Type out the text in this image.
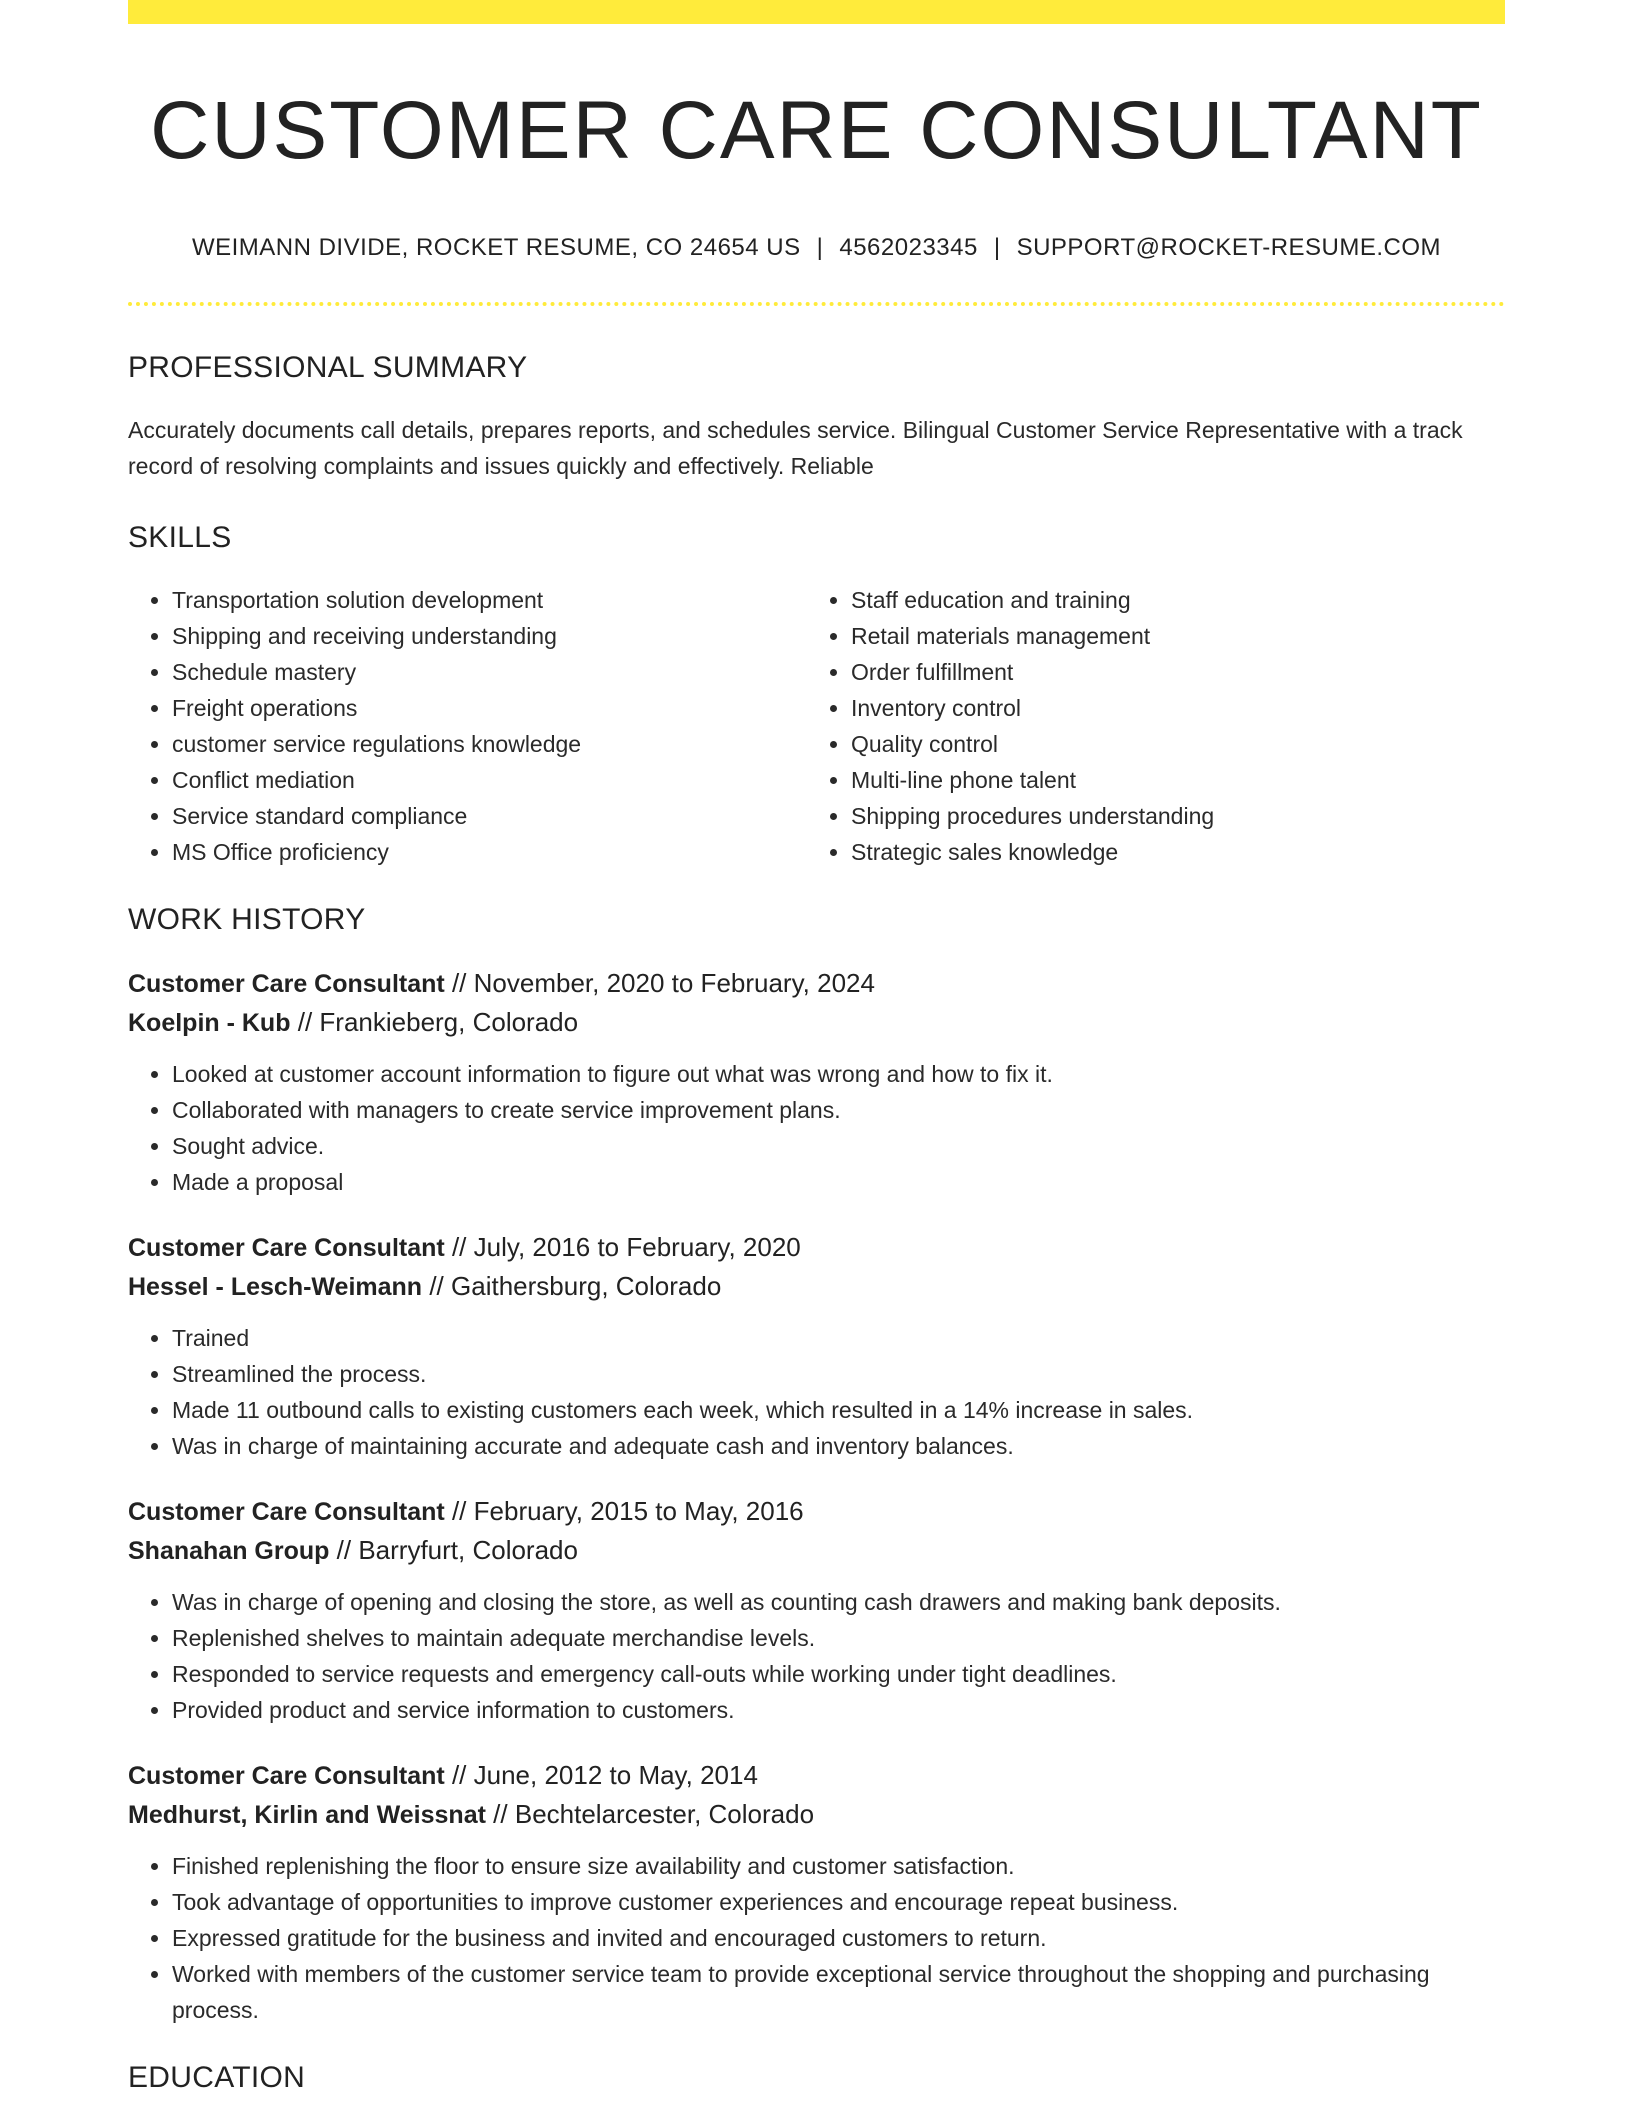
CUSTOMER CARE CONSULTANT
WEIMANN DIVIDE, ROCKET RESUME, CO 24654 US | 4562023345 | SUPPORT@ROCKET-RESUME.COM
PROFESSIONAL SUMMARY
Accurately documents call details, prepares reports, and schedules service. Bilingual Customer Service Representative with a track record of resolving complaints and issues quickly and effectively. Reliable
SKILLS
• Transportation solution development
• Shipping and receiving understanding
• Schedule mastery
• Freight operations
• customer service regulations knowledge
• Conflict mediation
• Service standard compliance
• MS Office proficiency
• Staff education and training
• Retail materials management
• Order fulfillment
• Inventory control
• Quality control
• Multi-line phone talent
• Shipping procedures understanding
• Strategic sales knowledge
WORK HISTORY
Customer Care Consultant // November, 2020 to February, 2024
Koelpin - Kub // Frankieberg, Colorado
• Looked at customer account information to figure out what was wrong and how to fix it.
• Collaborated with managers to create service improvement plans.
• Sought advice.
• Made a proposal
Customer Care Consultant // July, 2016 to February, 2020
Hessel - Lesch-Weimann // Gaithersburg, Colorado
• Trained
• Streamlined the process.
• Made 11 outbound calls to existing customers each week, which resulted in a 14% increase in sales.
• Was in charge of maintaining accurate and adequate cash and inventory balances.
Customer Care Consultant // February, 2015 to May, 2016
Shanahan Group // Barryfurt, Colorado
• Was in charge of opening and closing the store, as well as counting cash drawers and making bank deposits.
• Replenished shelves to maintain adequate merchandise levels.
• Responded to service requests and emergency call-outs while working under tight deadlines.
• Provided product and service information to customers.
Customer Care Consultant // June, 2012 to May, 2014
Medhurst, Kirlin and Weissnat // Bechtelarcester, Colorado
• Finished replenishing the floor to ensure size availability and customer satisfaction.
• Took advantage of opportunities to improve customer experiences and encourage repeat business.
• Expressed gratitude for the business and invited and encouraged customers to return.
• Worked with members of the customer service team to provide exceptional service throughout the shopping and purchasing process.
EDUCATION
